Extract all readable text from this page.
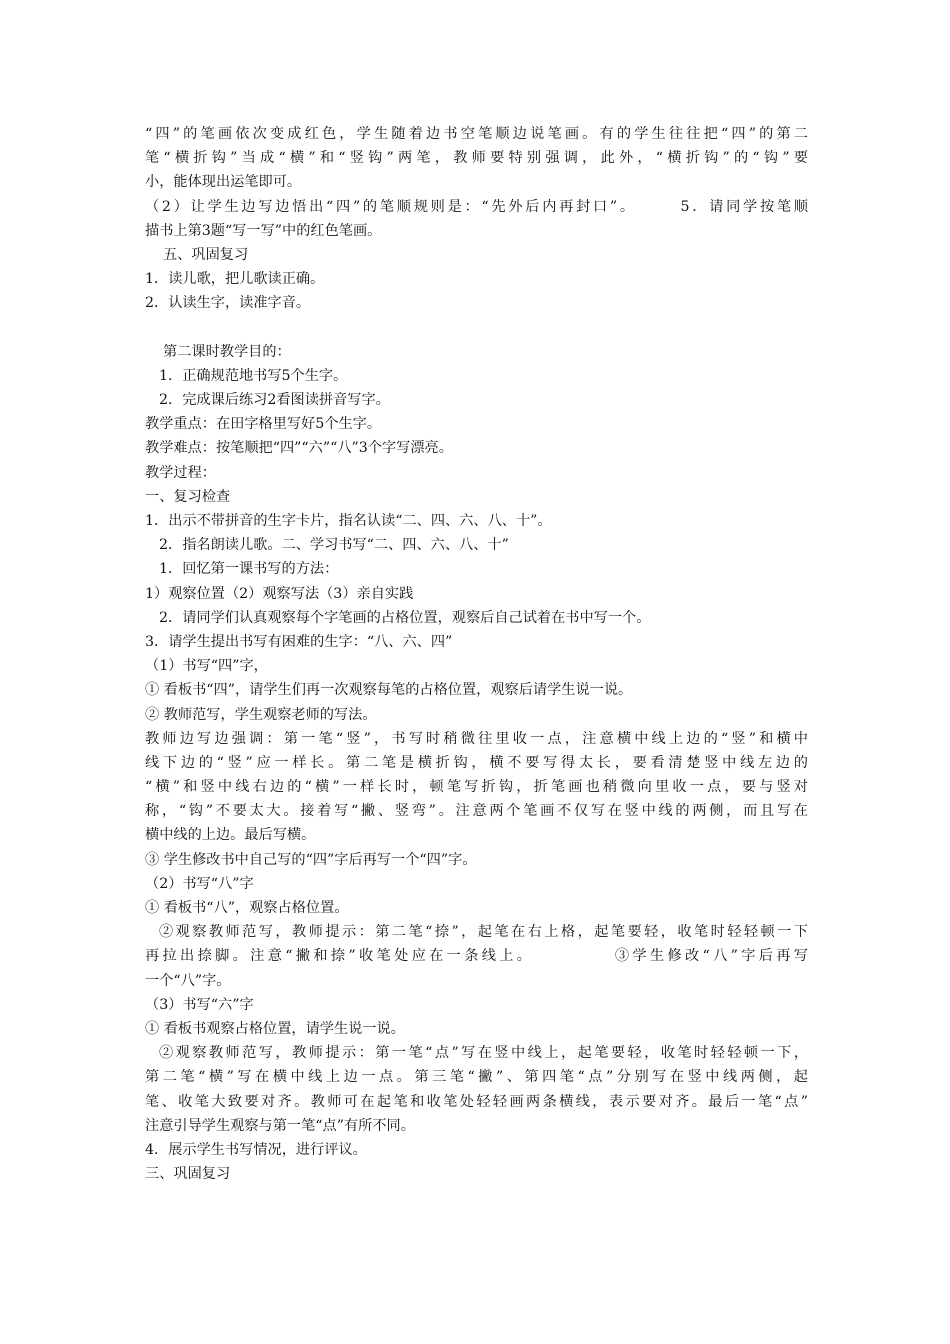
“四”的笔画依次变成红色，学生随着边书空笔顺边说笔画。有的学生往往把“四”的第二
笔“横折钩”当成“横”和“竖钩”两笔，教师要特别强调，此外，“横折钩”的“钩”要
小，能体现出运笔即可。
（2）让学生边写边悟出“四”的笔顺规则是：“先外后内再封口”。　　　5．请同学按笔顺
描书上第3题“写一写”中的红色笔画。
五、巩固复习
1．读儿歌，把儿歌读正确。
2．认读生字，读准字音。
第二课时教学目的：
1．正确规范地书写5个生字。
2．完成课后练习2看图读拼音写字。
教学重点：在田字格里写好5个生字。
教学难点：按笔顺把“四”“六”“八”3个字写漂亮。
教学过程：
一、复习检查
1．出示不带拼音的生字卡片，指名认读“二、四、六、八、十”。
2．指名朗读儿歌。二、学习书写“二、四、六、八、十”
1．回忆第一课书写的方法：
1）观察位置（2）观察写法（3）亲自实践
2．请同学们认真观察每个字笔画的占格位置，观察后自己试着在书中写一个。
3．请学生提出书写有困难的生字：“八、六、四”
（1）书写“四”字，
① 看板书“四”，请学生们再一次观察每笔的占格位置，观察后请学生说一说。
② 教师范写，学生观察老师的写法。
教师边写边强调：第一笔“竖”，书写时稍微往里收一点，注意横中线上边的“竖”和横中
线下边的“竖”应一样长。第二笔是横折钩，横不要写得太长，要看清楚竖中线左边的
“横”和竖中线右边的“横”一样长时，顿笔写折钩，折笔画也稍微向里收一点，要与竖对
称，“钩”不要太大。接着写“撇、竖弯”。注意两个笔画不仅写在竖中线的两侧，而且写在
横中线的上边。最后写横。
③ 学生修改书中自己写的“四”字后再写一个“四”字。
（2）书写“八”字
① 看板书“八”，观察占格位置。
②观察教师范写，教师提示：第二笔“捺”，起笔在右上格，起笔要轻，收笔时轻轻顿一下
再拉出捺脚。注意“撇和捺”收笔处应在一条线上。　　　　　③学生修改“八”字后再写
一个“八”字。
（3）书写“六”字
① 看板书观察占格位置，请学生说一说。
②观察教师范写，教师提示：第一笔“点”写在竖中线上，起笔要轻，收笔时轻轻顿一下，
第二笔“横”写在横中线上边一点。第三笔“撇”、第四笔“点”分别写在竖中线两侧，起
笔、收笔大致要对齐。教师可在起笔和收笔处轻轻画两条横线，表示要对齐。最后一笔“点”
注意引导学生观察与第一笔“点”有所不同。
4．展示学生书写情况，进行评议。
三、巩固复习
